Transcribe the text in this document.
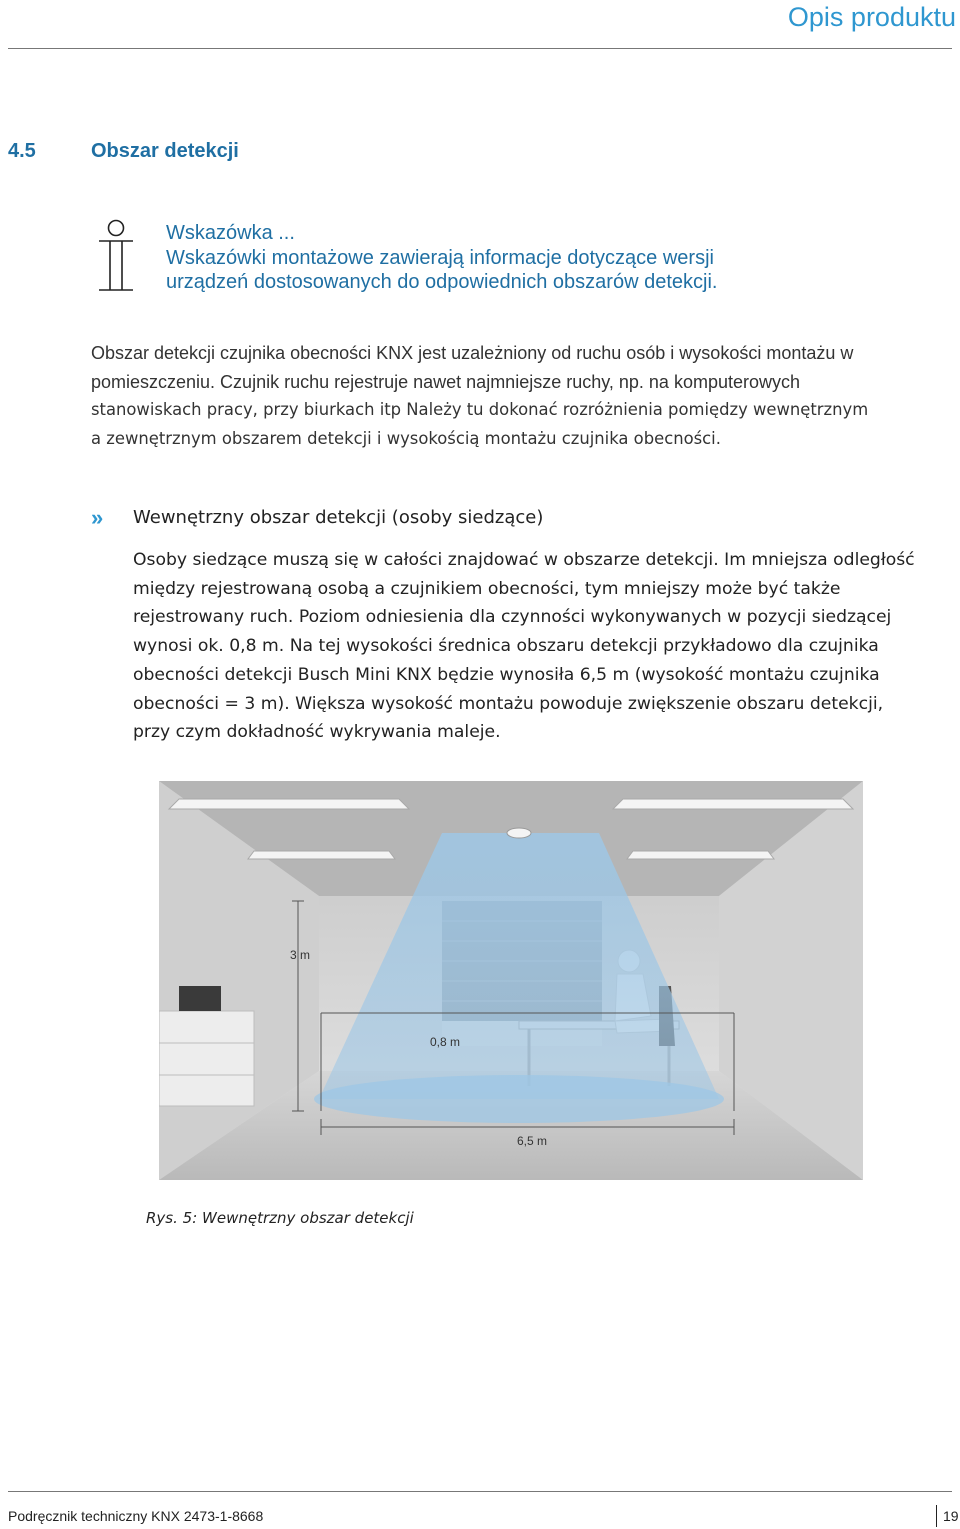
Opis produktu
4.5	Obszar detekcji
Wskazówka ...
Wskazówki montażowe zawierają informacje dotyczące wersji
urządzeń dostosowanych do odpowiednich obszarów detekcji.
Obszar detekcji czujnika obecności KNX jest uzależniony od ruchu osób i wysokości montażu w
pomieszczeniu. Czujnik ruchu rejestruje nawet najmniejsze ruchy, np. na komputerowych
stanowiskach pracy, przy biurkach itp Należy tu dokonać rozróżnienia pomiędzy wewnętrznym
a zewnętrznym obszarem detekcji i wysokością montażu czujnika obecności.
» Wewnętrzny obszar detekcji (osoby siedzące)
Osoby siedzące muszą się w całości znajdować w obszarze detekcji. Im mniejsza odległość
między rejestrowaną osobą a czujnikiem obecności, tym mniejszy może być także
rejestrowany ruch. Poziom odniesienia dla czynności wykonywanych w pozycji siedzącej
wynosi ok. 0,8 m. Na tej wysokości średnica obszaru detekcji przykładowo dla czujnika
obecności detekcji Busch Mini KNX będzie wynosiła 6,5 m (wysokość montażu czujnika
obecności = 3 m). Większa wysokość montażu powoduje zwiększenie obszaru detekcji,
przy czym dokładność wykrywania maleje.
3 m
0,8 m
6,5 m
Rys. 5: Wewnętrzny obszar detekcji
Podręcznik techniczny KNX 2473-1-8668	19
